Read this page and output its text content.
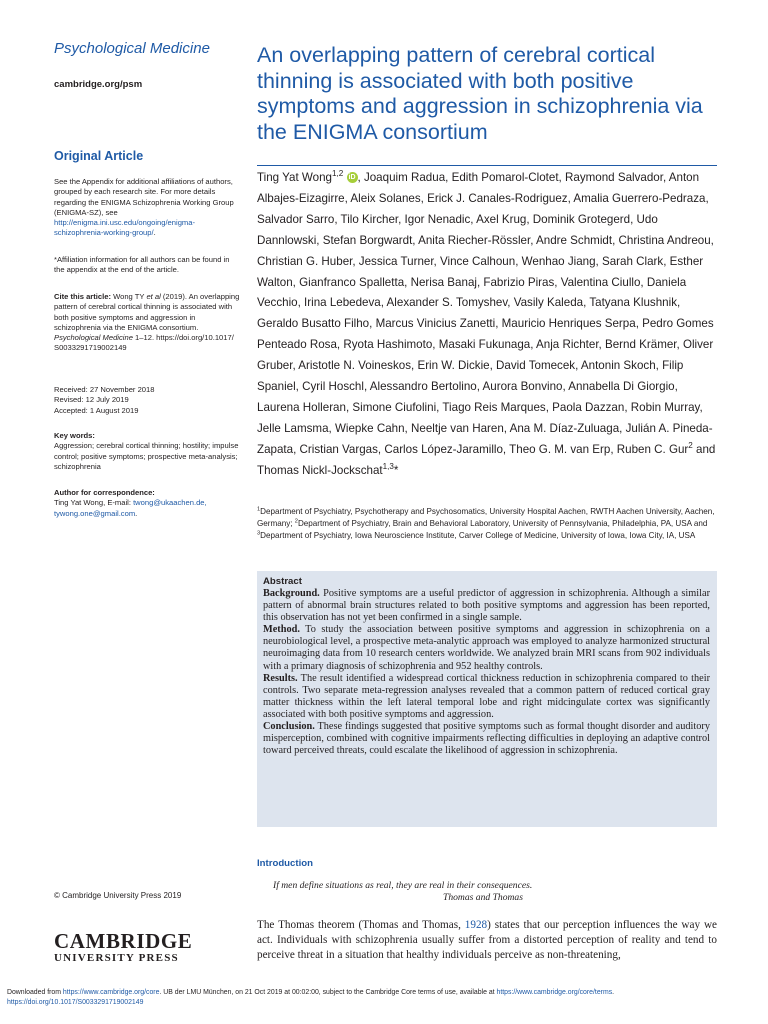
Psychological Medicine

cambridge.org/psm
Original Article
See the Appendix for additional affiliations of authors, grouped by each research site. For more details regarding the ENIGMA Schizophrenia Working Group (ENIGMA-SZ), see http://enigma.ini.usc.edu/ongoing/enigma-schizophrenia-working-group/.
*Affiliation information for all authors can be found in the appendix at the end of the article.
Cite this article: Wong TY et al (2019). An overlapping pattern of cerebral cortical thinning is associated with both positive symptoms and aggression in schizophrenia via the ENIGMA consortium. Psychological Medicine 1–12. https://doi.org/10.1017/ S0033291719002149
Received: 27 November 2018
Revised: 12 July 2019
Accepted: 1 August 2019
Key words:
Aggression; cerebral cortical thinning; hostility; impulse control; positive symptoms; prospective meta-analysis; schizophrenia
Author for correspondence:
Ting Yat Wong, E-mail: twong@ukaachen.de,
tywong.one@gmail.com.
© Cambridge University Press 2019
CAMBRIDGE
UNIVERSITY PRESS
An overlapping pattern of cerebral cortical thinning is associated with both positive symptoms and aggression in schizophrenia via the ENIGMA consortium
Ting Yat Wong$^{1,2}$ iD , Joaquim Radua, Edith Pomarol-Clotet, Raymond Salvador, Anton Albajes-Eizagirre, Aleix Solanes, Erick J. Canales-Rodriguez, Amalia Guerrero-Pedraza, Salvador Sarro, Tilo Kircher, Igor Nenadic, Axel Krug, Dominik Grotegerd, Udo Dannlowski, Stefan Borgwardt, Anita Riecher-Rössler, Andre Schmidt, Christina Andreou, Christian G. Huber, Jessica Turner, Vince Calhoun, Wenhao Jiang, Sarah Clark, Esther Walton, Gianfranco Spalletta, Nerisa Banaj, Fabrizio Piras, Valentina Ciullo, Daniela Vecchio, Irina Lebedeva, Alexander S. Tomyshev, Vasily Kaleda, Tatyana Klushnik, Geraldo Busatto Filho, Marcus Vinicius Zanetti, Mauricio Henriques Serpa, Pedro Gomes Penteado Rosa, Ryota Hashimoto, Masaki Fukunaga, Anja Richter, Bernd Krämer, Oliver Gruber, Aristotle N. Voineskos, Erin W. Dickie, David Tomecek, Antonin Skoch, Filip Spaniel, Cyril Hoschl, Alessandro Bertolino, Aurora Bonvino, Annabella Di Giorgio, Laurena Holleran, Simone Ciufolini, Tiago Reis Marques, Paola Dazzan, Robin Murray, Jelle Lamsma, Wiepke Cahn, Neeltje van Haren, Ana M. Díaz-Zuluaga, Julián A. Pineda-Zapata, Cristian Vargas, Carlos López-Jaramillo, Theo G. M. van Erp, Ruben C. Gur$^2$ and Thomas Nickl-Jockschat$^{1,3}$*
$^1$Department of Psychiatry, Psychotherapy and Psychosomatics, University Hospital Aachen, RWTH Aachen University, Aachen, Germany; $^2$Department of Psychiatry, Brain and Behavioral Laboratory, University of Pennsylvania, Philadelphia, PA, USA and $^3$Department of Psychiatry, Iowa Neuroscience Institute, Carver College of Medicine, University of Iowa, Iowa City, IA, USA
Abstract

Background. Positive symptoms are a useful predictor of aggression in schizophrenia. Although a similar pattern of abnormal brain structures related to both positive symptoms and aggression has been reported, this observation has not yet been confirmed in a single sample.

Method. To study the association between positive symptoms and aggression in schizophrenia on a neurobiological level, a prospective meta-analytic approach was employed to analyze harmonized structural neuroimaging data from 10 research centers worldwide. We analyzed brain MRI scans from 902 individuals with a primary diagnosis of schizophrenia and 952 healthy controls.

Results. The result identified a widespread cortical thickness reduction in schizophrenia compared to their controls. Two separate meta-regression analyses revealed that a common pattern of reduced cortical gray matter thickness within the left lateral temporal lobe and right midcingulate cortex was significantly associated with both positive symptoms and aggression.

Conclusion. These findings suggested that positive symptoms such as formal thought disorder and auditory misperception, combined with cognitive impairments reflecting difficulties in deploying an adaptive control toward perceived threats, could escalate the likelihood of aggression in schizophrenia.

Introduction
If men define situations as real, they are real in their consequences.
Thomas and Thomas

The Thomas theorem (Thomas and Thomas, 1928) states that our perception influences the way we act. Individuals with schizophrenia usually suffer from a distorted perception of reality and tend to perceive threat in a situation that healthy individuals perceive as non-threatening,

Downloaded from https://www.cambridge.org/core. UB der LMU München, on 21 Oct 2019 at 00:02:00, subject to the Cambridge Core terms of use, available at https://www.cambridge.org/core/terms.
https://doi.org/10.1017/S0033291719002149
